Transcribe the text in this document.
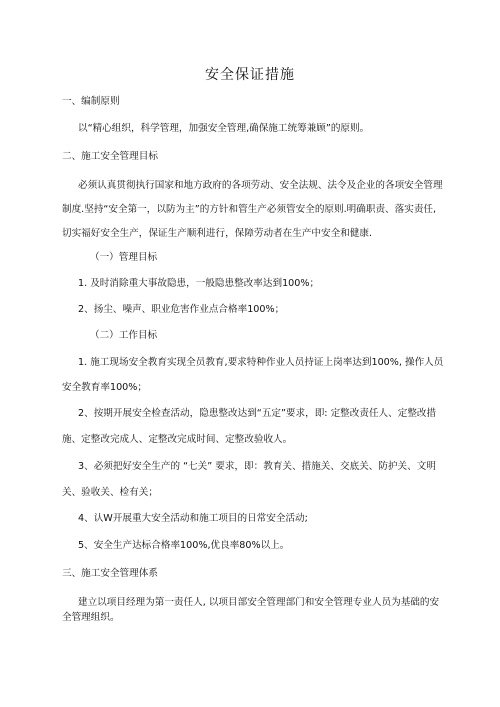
安全保证措施
一、编制原则
以“精心组织，科学管理，加强安全管理,确保施工统筹兼顾”的原则。
二、施工安全管理目标
必须认真贯彻执行国家和地方政府的各项劳动、安全法规、法令及企业的各项安全管理
制度.坚持“安全第一，以防为主”的方针和管生产必须管安全的原则.明确职责、落实责任,
切实福好安全生产，保证生产顺利进行，保障劳动者在生产中安全和健康.
（一）管理目标
1. 及时消除重大事故隐患，一般隐患整改率达到100%；
2、扬尘、噪声、职业危害作业点合格率100%；
（二）工作目标
1. 施工现场安全教育实现全员教育,要求特种作业人员持证上岗率达到100%, 操作人员
安全教育率100%；
2、按期开展安全检查活动，隐患整改达到“五定”要求，即: 定整改责任人、定整改措
施、定整改完成人、定整改完成时间、定整改验收人。
3、必须把好安全生产的 “七关” 要求，即：教育关、措施关、交底关、防护关、文明
关、验收关、检有关；
4、认W开展重大安全活动和施工项目的日常安全活动;
5、安全生产达标合格率100%,优良率80%以上。
三、施工安全管理体系
建立以项目经理为第一责任人, 以项目部安全管理部门和安全管理专业人员为基础的安
全管理组织。
